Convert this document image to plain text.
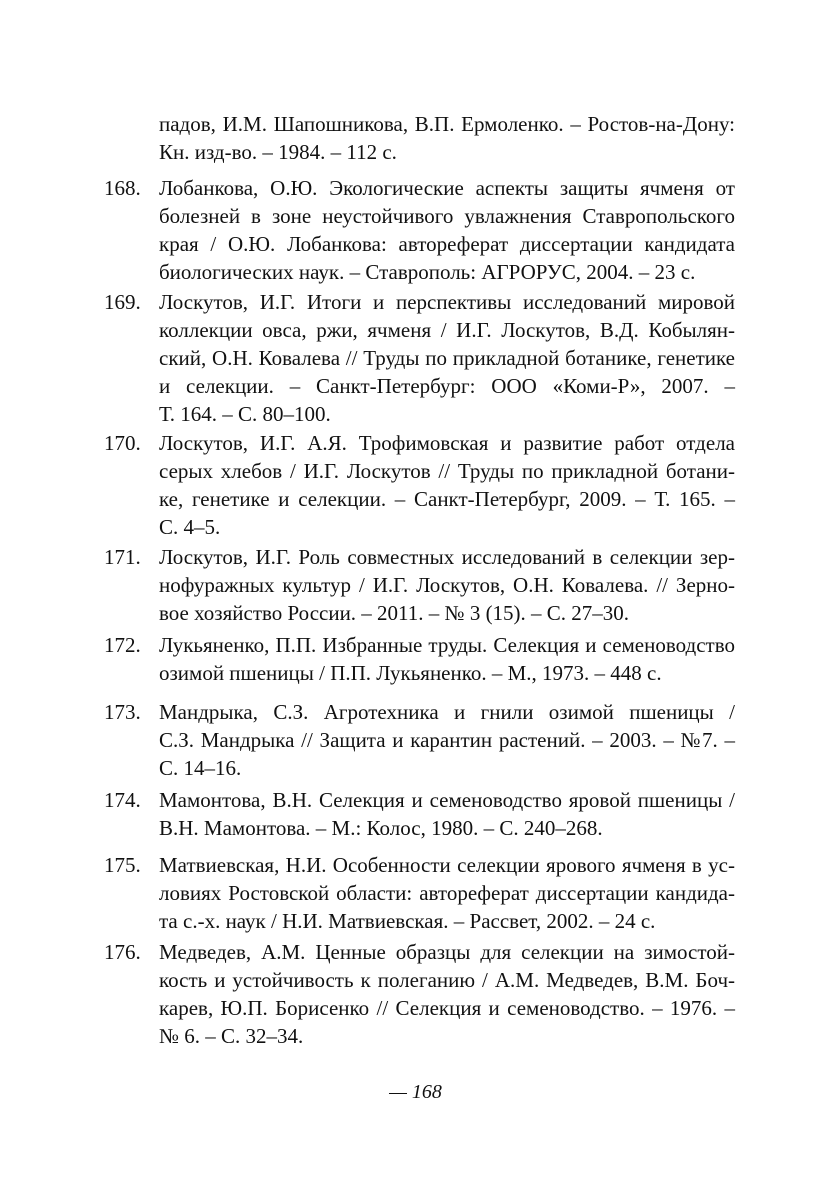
падов, И.М. Шапошникова, В.П. Ермоленко. – Ростов-на-Дону:
Кн. изд-во. – 1984. – 112 с.
168. Лобанкова, О.Ю. Экологические аспекты защиты ячменя от
болезней в зоне неустойчивого увлажнения Ставропольского
края / О.Ю. Лобанкова: автореферат диссертации кандидата
биологических наук. – Ставрополь: АГРОРУС, 2004. – 23 с.
169. Лоскутов, И.Г. Итоги и перспективы исследований мировой
коллекции овса, ржи, ячменя / И.Г. Лоскутов, В.Д. Кобылян-
ский, О.Н. Ковалева // Труды по прикладной ботанике, генетике
и селекции. – Санкт-Петербург: ООО «Коми-Р», 2007. –
Т. 164. – С. 80–100.
170. Лоскутов, И.Г. А.Я. Трофимовская и развитие работ отдела
серых хлебов / И.Г. Лоскутов // Труды по прикладной ботани-
ке, генетике и селекции. – Санкт-Петербург, 2009. – Т. 165. –
С. 4–5.
171. Лоскутов, И.Г. Роль совместных исследований в селекции зер-
нофуражных культур / И.Г. Лоскутов, О.Н. Ковалева. // Зерно-
вое хозяйство России. – 2011. – № 3 (15). – С. 27–30.
172. Лукьяненко, П.П. Избранные труды. Селекция и семеноводство
озимой пшеницы / П.П. Лукьяненко. – М., 1973. – 448 с.
173. Мандрыка, С.З. Агротехника и гнили озимой пшеницы /
С.З. Мандрыка // Защита и карантин растений. – 2003. – №7. –
С. 14–16.
174. Мамонтова, В.Н. Селекция и семеноводство яровой пшеницы /
В.Н. Мамонтова. – М.: Колос, 1980. – С. 240–268.
175. Матвиевская, Н.И. Особенности селекции ярового ячменя в ус-
ловиях Ростовской области: автореферат диссертации кандида-
та с.-х. наук / Н.И. Матвиевская. – Рассвет, 2002. – 24 с.
176. Медведев, А.М. Ценные образцы для селекции на зимостой-
кость и устойчивость к полеганию / А.М. Медведев, В.М. Боч-
карев, Ю.П. Борисенко // Селекция и семеноводство. – 1976. –
№ 6. – С. 32–34.
— 168
